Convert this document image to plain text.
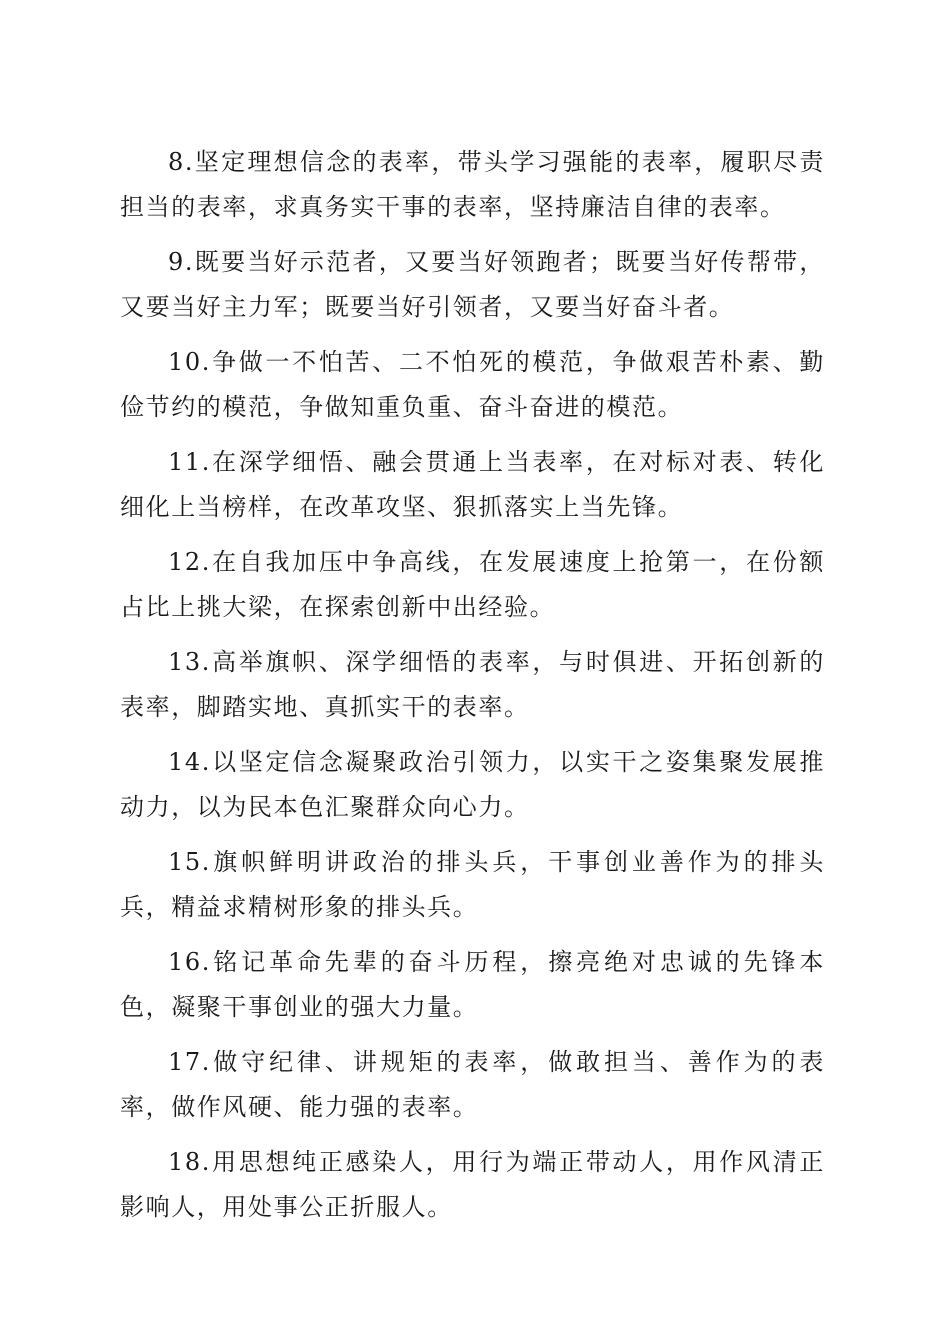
8.坚定理想信念的表率，带头学习强能的表率，履职尽责担当的表率，求真务实干事的表率，坚持廉洁自律的表率。

9.既要当好示范者，又要当好领跑者；既要当好传帮带，又要当好主力军；既要当好引领者，又要当好奋斗者。

10.争做一不怕苦、二不怕死的模范，争做艰苦朴素、勤俭节约的模范，争做知重负重、奋斗奋进的模范。

11.在深学细悟、融会贯通上当表率，在对标对表、转化细化上当榜样，在改革攻坚、狠抓落实上当先锋。

12.在自我加压中争高线，在发展速度上抢第一，在份额占比上挑大梁，在探索创新中出经验。

13.高举旗帜、深学细悟的表率，与时俱进、开拓创新的表率，脚踏实地、真抓实干的表率。

14.以坚定信念凝聚政治引领力，以实干之姿集聚发展推动力，以为民本色汇聚群众向心力。

15.旗帜鲜明讲政治的排头兵，干事创业善作为的排头兵，精益求精树形象的排头兵。

16.铭记革命先辈的奋斗历程，擦亮绝对忠诚的先锋本色，凝聚干事创业的强大力量。

17.做守纪律、讲规矩的表率，做敢担当、善作为的表率，做作风硬、能力强的表率。

18.用思想纯正感染人，用行为端正带动人，用作风清正影响人，用处事公正折服人。
